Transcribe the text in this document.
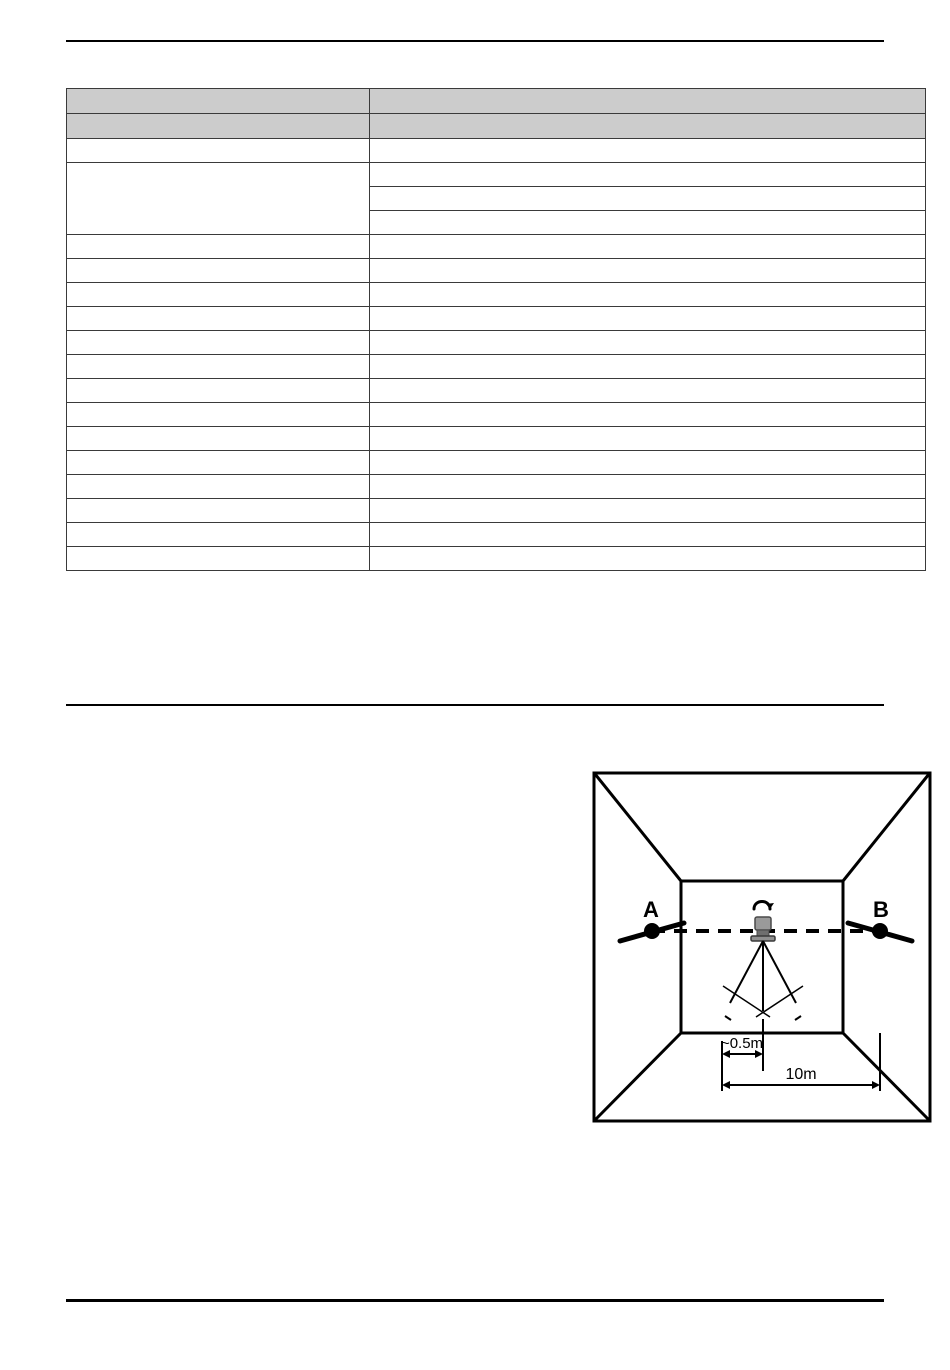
~0.5m
10m
A	B
